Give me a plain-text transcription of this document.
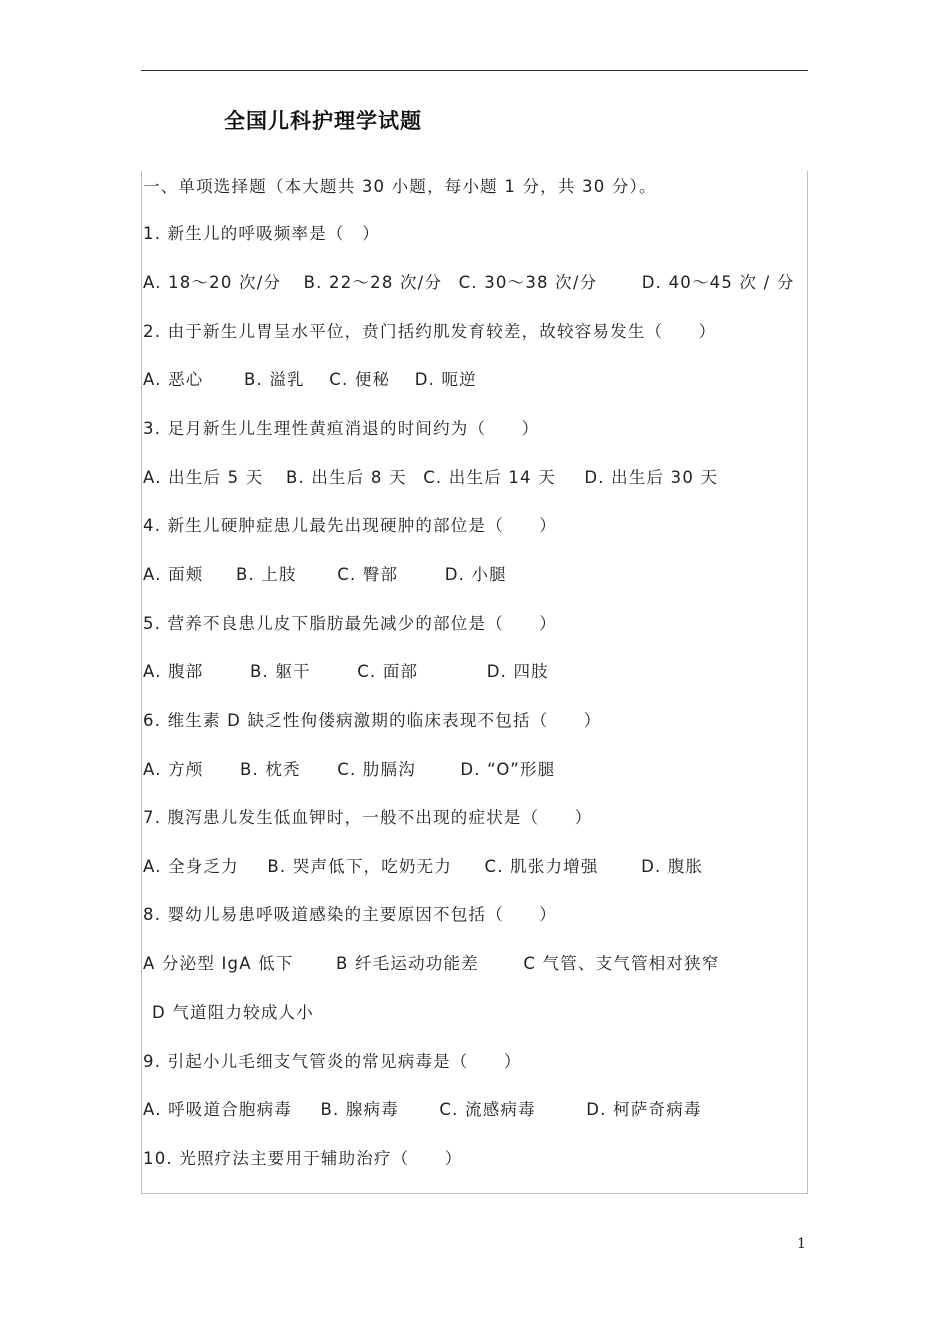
全国儿科护理学试题
一、单项选择题（本大题共 30 小题，每小题 1 分，共 30 分）。
1. 新生儿的呼吸频率是（　）
A. 18～20 次/分 B. 22～28 次/分 C. 30～38 次/分	D. 40～45 次 / 分
2. 由于新生儿胃呈水平位，贲门括约肌发育较差，故较容易发生（　　）
A. 恶心 B. 溢乳 C. 便秘 D. 呃逆
3. 足月新生儿生理性黄疸消退的时间约为（　　）
A. 出生后 5 天 B. 出生后 8 天 C. 出生后 14 天 D. 出生后 30 天
4. 新生儿硬肿症患儿最先出现硬肿的部位是（　　）
A. 面颊 B. 上肢 C. 臀部	D. 小腿
5. 营养不良患儿皮下脂肪最先减少的部位是（　　）
A. 腹部	B. 躯干	C. 面部	D. 四肢
6. 维生素 D 缺乏性佝偻病激期的临床表现不包括（　　）
A. 方颅 B. 枕秃 C. 肋膈沟	D. “O”形腿
7. 腹泻患儿发生低血钾时，一般不出现的症状是（　　）
A. 全身乏力 B. 哭声低下，吃奶无力 C. 肌张力增强	D. 腹胀
8. 婴幼儿易患呼吸道感染的主要原因不包括（　　）
A 分泌型 IgA 低下	B 纤毛运动功能差	C 气管、支气管相对狭窄
D 气道阻力较成人小
9. 引起小儿毛细支气管炎的常见病毒是（　　）
A. 呼吸道合胞病毒 B. 腺病毒 C. 流感病毒	D. 柯萨奇病毒
10. 光照疗法主要用于辅助治疗（　　）
1
